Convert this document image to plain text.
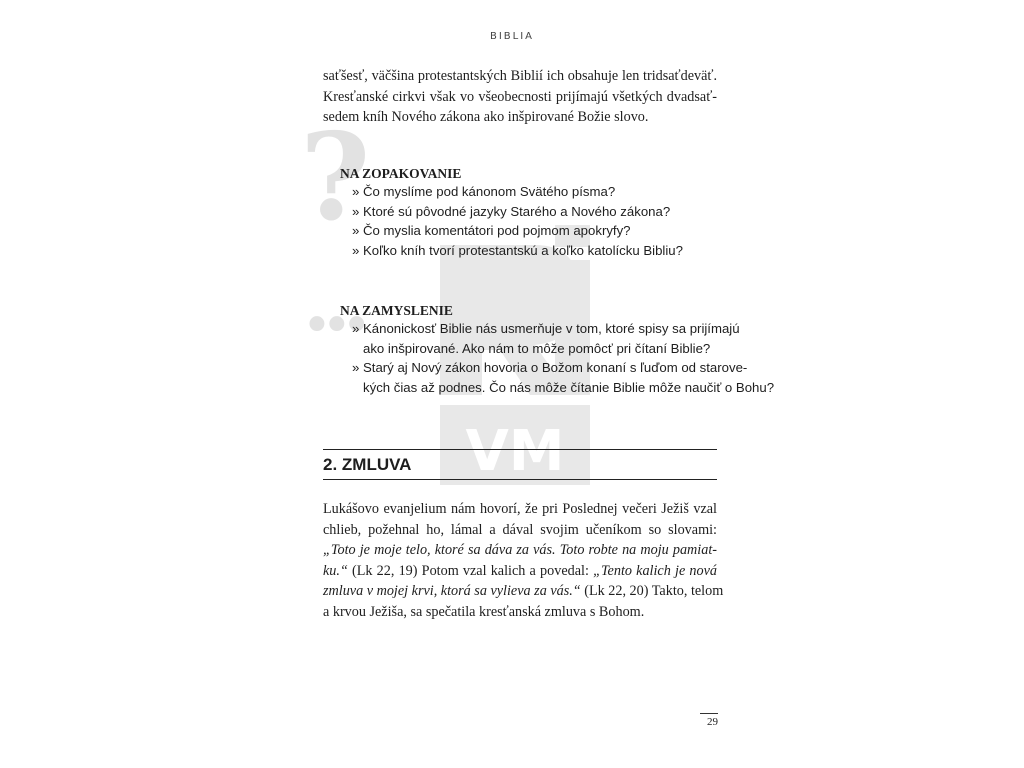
BIBLIA
?
...
VM

saťšesť, väčšina protestantských Biblií ich obsahuje len tridsaťdeväť.
Kresťanské cirkvi však vo všeobecnosti prijímajú všetkých dvadsať-
sedem kníh Nového zákona ako inšpirované Božie slovo.

NA ZOPAKOVANIE
» Čo myslíme pod kánonom Svätého písma?
» Ktoré sú pôvodné jazyky Starého a Nového zákona?
» Čo myslia komentátori pod pojmom apokryfy?
» Koľko kníh tvorí protestantskú a koľko katolícku Bibliu?
NA ZAMYSLENIE
» Kánonickosť Biblie nás usmerňuje v tom, ktoré spisy sa prijímajú
ako inšpirované. Ako nám to môže pomôcť pri čítaní Biblie?
» Starý aj Nový zákon hovoria o Božom konaní s ľuďom od starove-
kých čias až podnes. Čo nás môže čítanie Biblie môže naučiť o Bohu?
2. ZMLUVA

Lukášovo evanjelium nám hovorí, že pri Poslednej večeri Ježiš vzal
chlieb, požehnal ho, lámal a dával svojim učeníkom so slovami:
„Toto je moje telo, ktoré sa dáva za vás. Toto robte na moju pamiat-
ku.“ (Lk 22, 19) Potom vzal kalich a povedal: „Tento kalich je nová
zmluva v mojej krvi, ktorá sa vylieva za vás.“ (Lk 22, 20) Takto, telom
a krvou Ježiša, sa spečatila kresťanská zmluva s Bohom.

29
